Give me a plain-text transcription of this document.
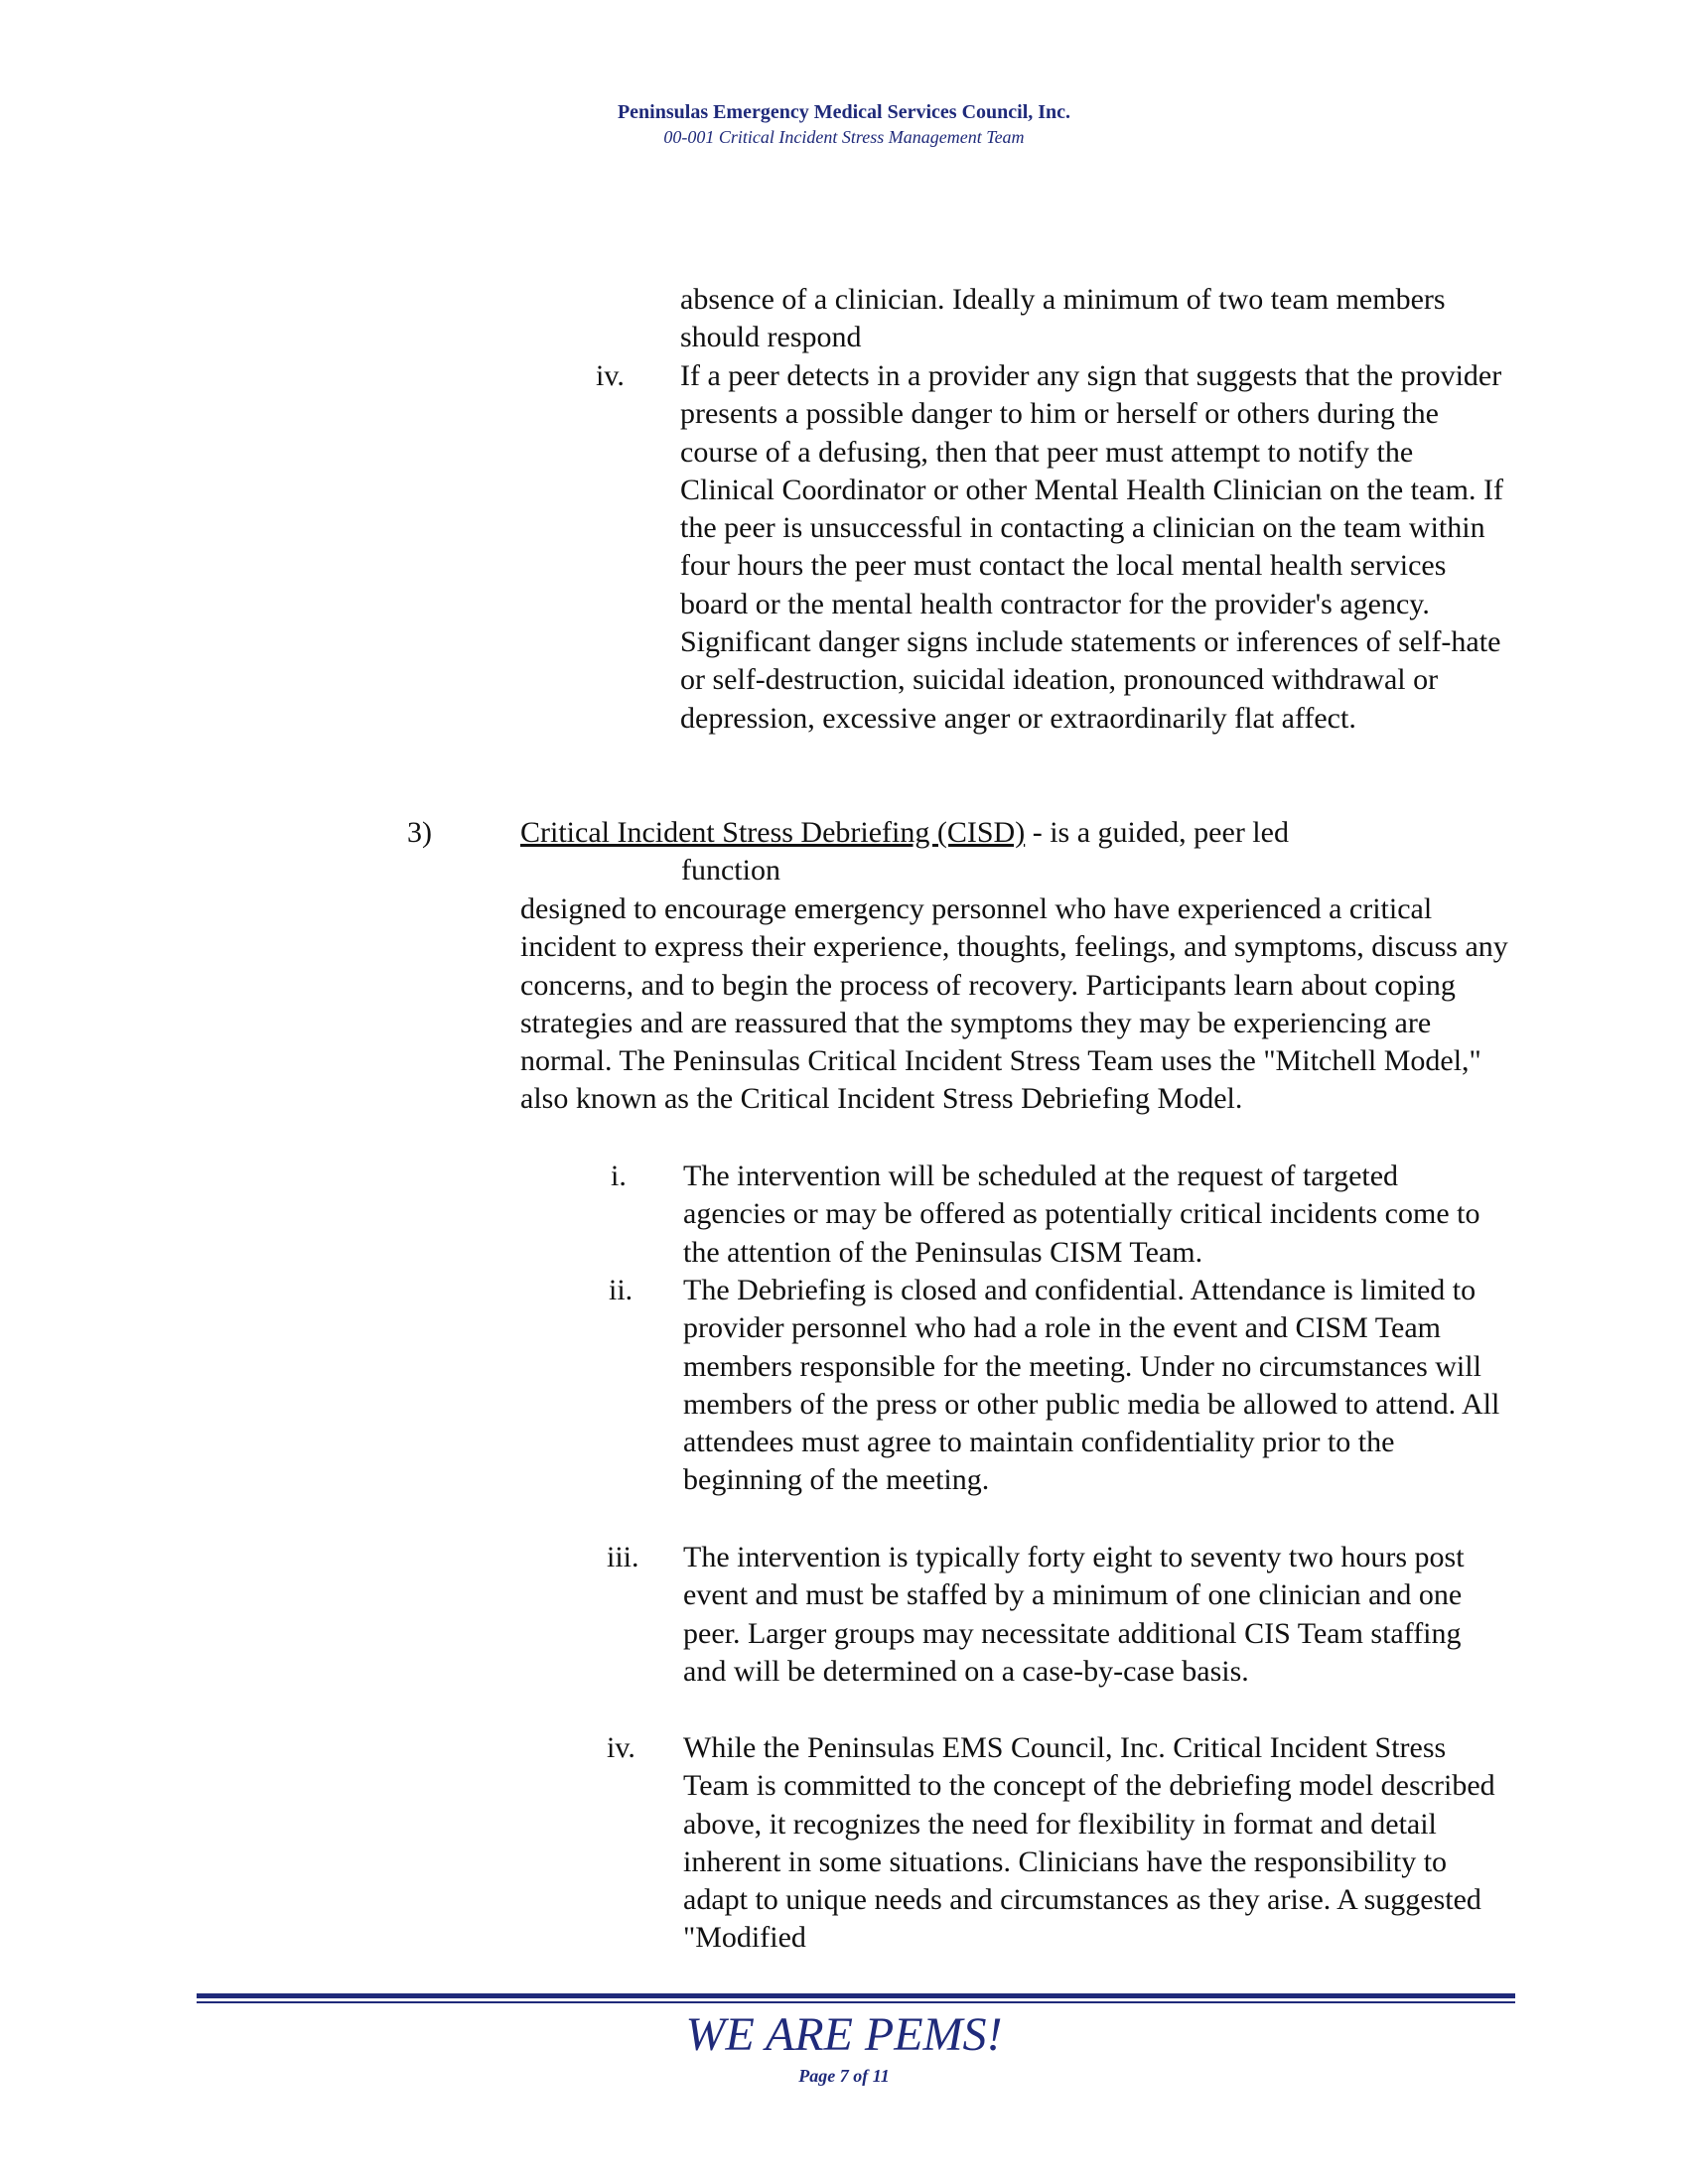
Peninsulas Emergency Medical Services Council, Inc.
00-001 Critical Incident Stress Management Team
absence of a clinician. Ideally a minimum of two team members should respond
iv. If a peer detects in a provider any sign that suggests that the provider presents a possible danger to him or herself or others during the course of a defusing, then that peer must attempt to notify the Clinical Coordinator or other Mental Health Clinician on the team. If the peer is unsuccessful in contacting a clinician on the team within four hours the peer must contact the local mental health services board or the mental health contractor for the provider's agency. Significant danger signs include statements or inferences of self-hate or self-destruction, suicidal ideation, pronounced withdrawal or depression, excessive anger or extraordinarily flat affect.
3)	Critical Incident Stress Debriefing (CISD) - is a guided, peer led
function
designed to encourage emergency personnel who have experienced a critical incident to express their experience, thoughts, feelings, and symptoms, discuss any concerns, and to begin the process of recovery. Participants learn about coping strategies and are reassured that the symptoms they may be experiencing are normal. The Peninsulas Critical Incident Stress Team uses the "Mitchell Model," also known as the Critical Incident Stress Debriefing Model.
i. The intervention will be scheduled at the request of targeted agencies or may be offered as potentially critical incidents come to the attention of the Peninsulas CISM Team.
ii. The Debriefing is closed and confidential. Attendance is limited to provider personnel who had a role in the event and CISM Team members responsible for the meeting. Under no circumstances will members of the press or other public media be allowed to attend. All attendees must agree to maintain confidentiality prior to the beginning of the meeting.
iii. The intervention is typically forty eight to seventy two hours post event and must be staffed by a minimum of one clinician and one peer. Larger groups may necessitate additional CIS Team staffing and will be determined on a case-by-case basis.
iv. While the Peninsulas EMS Council, Inc. Critical Incident Stress Team is committed to the concept of the debriefing model described above, it recognizes the need for flexibility in format and detail inherent in some situations. Clinicians have the responsibility to adapt to unique needs and circumstances as they arise. A suggested "Modified
WE ARE PEMS!
Page 7 of 11
